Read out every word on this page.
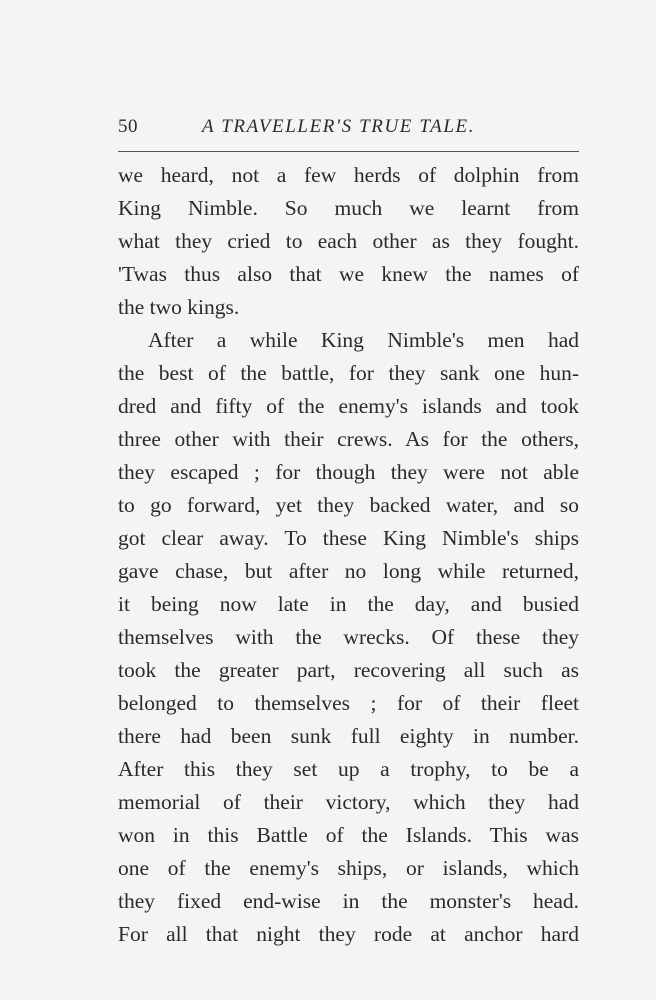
50	A TRAVELLER'S TRUE TALE.
we heard, not a few herds of dolphin from
King Nimble. So much we learnt from
what they cried to each other as they fought.
'Twas thus also that we knew the names of
the two kings.
After a while King Nimble's men had
the best of the battle, for they sank one hun-
dred and fifty of the enemy's islands and took
three other with their crews. As for the others,
they escaped ; for though they were not able
to go forward, yet they backed water, and so
got clear away. To these King Nimble's ships
gave chase, but after no long while returned,
it being now late in the day, and busied
themselves with the wrecks. Of these they
took the greater part, recovering all such as
belonged to themselves ; for of their fleet
there had been sunk full eighty in number.
After this they set up a trophy, to be a
memorial of their victory, which they had
won in this Battle of the Islands. This was
one of the enemy's ships, or islands, which
they fixed end-wise in the monster's head.
For all that night they rode at anchor hard
